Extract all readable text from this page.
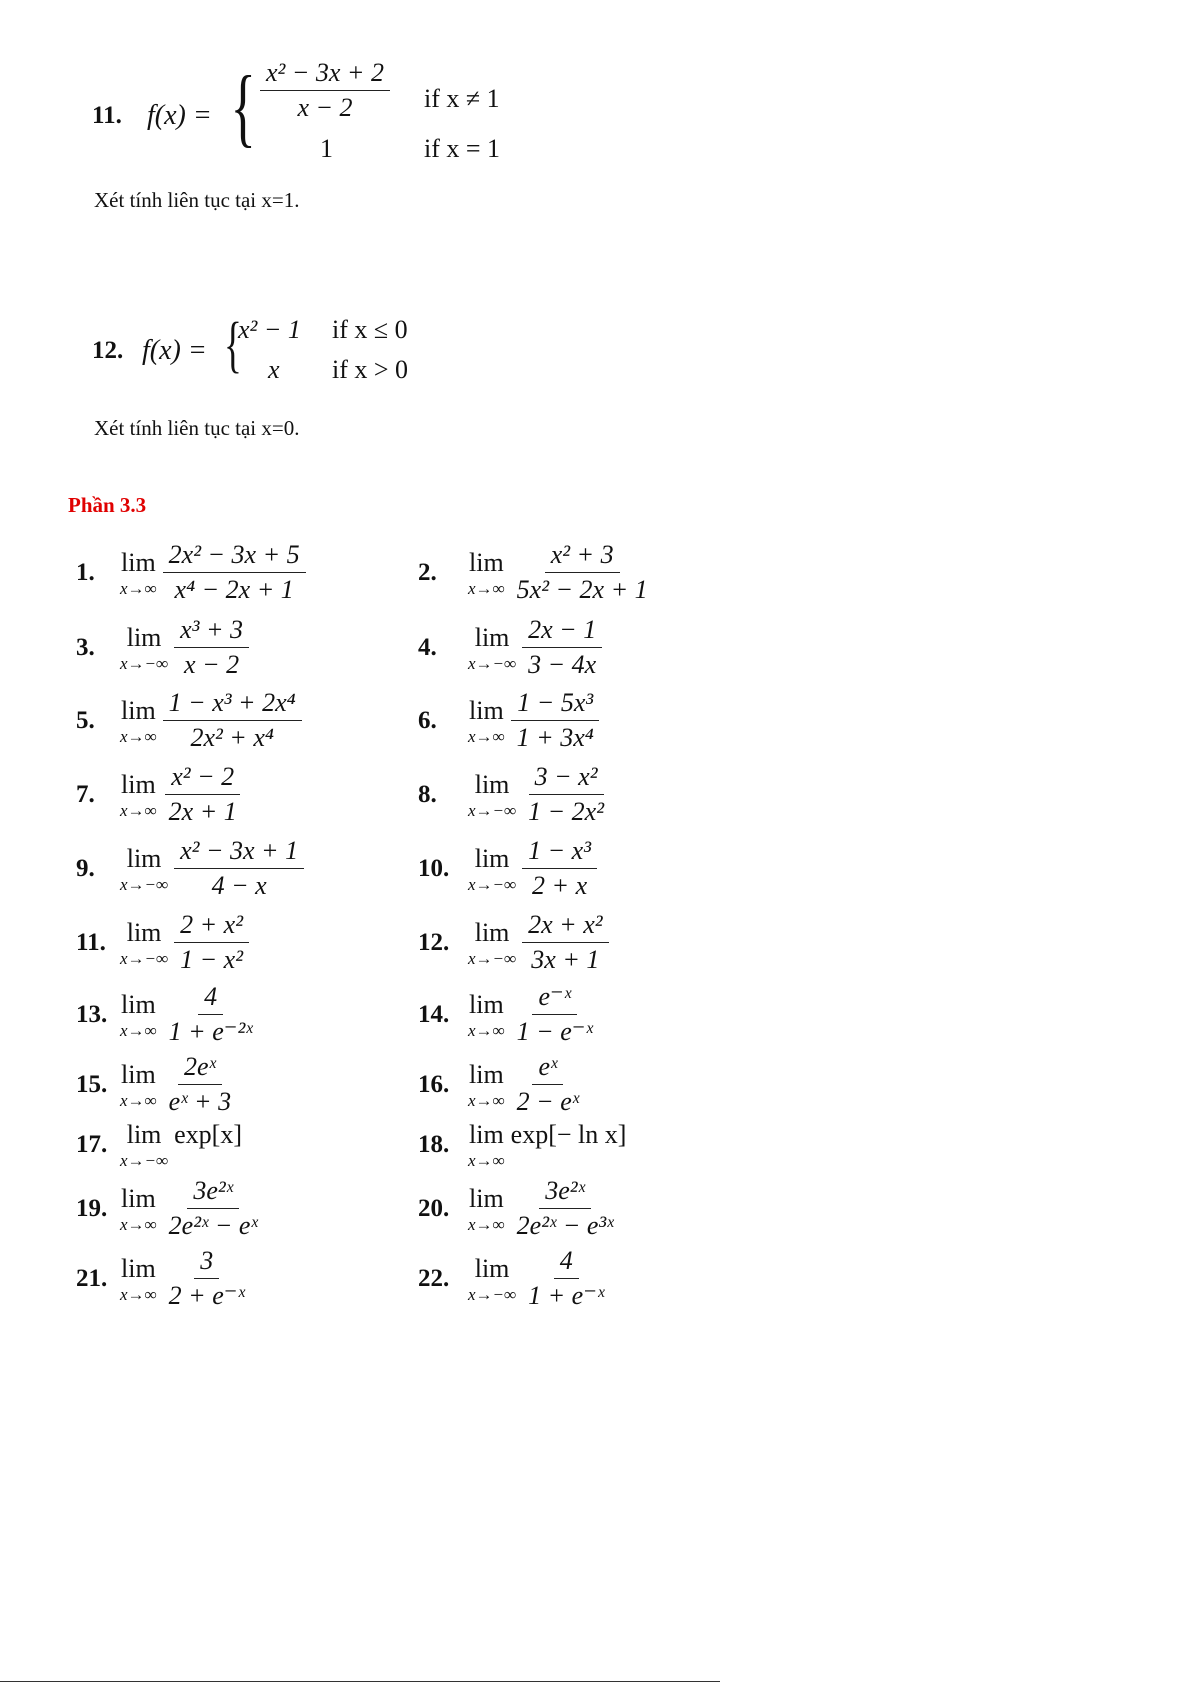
11. f(x) = { $\frac{\text{x² − 3x + 2}}{x - 2}$ if x ≠ 1
1	if x = 1
Xét tính liên tục tại x=1.
12. f(x) = {
x² − 1 if x ≤ 0
x if x > 0
Xét tính liên tục tại x=0.
Phần 3.3
1.	lim
$x\to\infty \frac{\text{2x² − 3x + 5}}{\text{x⁴ − 2x + 1}}$	2.	lim
$x\to\infty \frac{\text{x² + 3}}{\text{5x² − 2x + 1}}$
3.	lim
$x\to-\infty \frac{\text{x³ + 3}}{x - 2}$	4.	lim
$x\to-\infty \frac{2x - 1}{3 - 4x}$
5.	lim
$x\to\infty \frac{\text{1 − x³ + 2x⁴}}{\text{2x² + x⁴}}$	6.	lim
$x\to\infty \frac{\text{1 − 5x³}}{\text{1 + 3x⁴}}$
7.	lim
$x\to\infty \frac{\text{x² − 2}}{2x + 1}$	8.	lim
$x\to-\infty \frac{\text{3 − x²}}{\text{1 − 2x²}}$
9.	lim
$x\to-\infty \frac{\text{x² − 3x + 1}}{4 - x}$	10. lim
$x\to-\infty \frac{\text{1 − x³}}{2 + x}$
11. lim
$x\to-\infty \frac{\text{2 + x²}}{\text{1 − x²}}$	12. lim
$x\to-\infty \frac{\text{2x + x²}}{3x + 1}$
13. lim
$x\to\infty \frac{4}{\text{1 + e⁻²ˣ}}$	14. lim
$x\to\infty \frac{\text{e⁻ˣ}}{\text{1 − e⁻ˣ}}$
15. lim
$x\to\infty \frac{\text{2eˣ}}{\text{eˣ + 3}}$	16. lim
$x\to\infty \frac{\text{eˣ}}{\text{2 − eˣ}}$
17. lim
x→−∞
exp[x]	18. lim
x→∞
exp[− ln x]
19. lim
$x\to\infty \frac{\text{3e²ˣ}}{\text{2e²ˣ − eˣ}}$	20. lim
$x\to\infty \frac{\text{3e²ˣ}}{\text{2e²ˣ − e³ˣ}}$
21. lim
$x\to\infty \frac{3}{\text{2 + e⁻ˣ}}$	22. lim
$x\to-\infty \frac{4}{\text{1 + e⁻ˣ}}$
